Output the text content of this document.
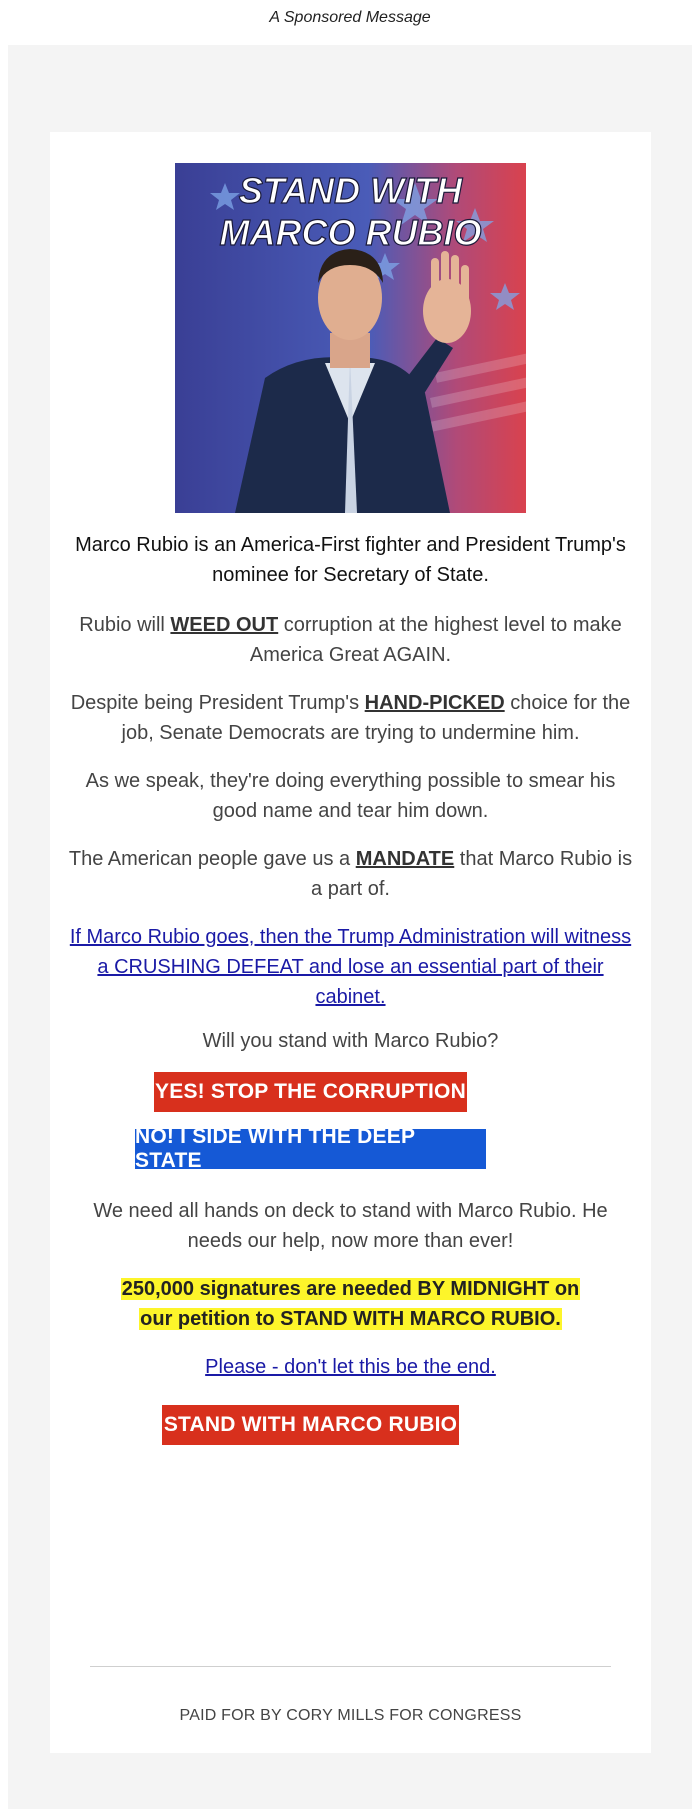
A Sponsored Message
STAND WITH
MARCO RUBIO

Marco Rubio is an America-First fighter and President Trump's nominee for Secretary of State.

Rubio will WEED OUT corruption at the highest level to make America Great AGAIN.

Despite being President Trump's HAND-PICKED choice for the job, Senate Democrats are trying to undermine him.

As we speak, they're doing everything possible to smear his good name and tear him down.

The American people gave us a MANDATE that Marco Rubio is a part of.

If Marco Rubio goes, then the Trump Administration will witness a CRUSHING DEFEAT and lose an essential part of their cabinet.

Will you stand with Marco Rubio?

YES! STOP THE CORRUPTION
NO! I SIDE WITH THE DEEP STATE

We need all hands on deck to stand with Marco Rubio. He needs our help, now more than ever!

250,000 signatures are needed BY MIDNIGHT on our petition to STAND WITH MARCO RUBIO.

Please - don't let this be the end.

STAND WITH MARCO RUBIO
PAID FOR BY CORY MILLS FOR CONGRESS
